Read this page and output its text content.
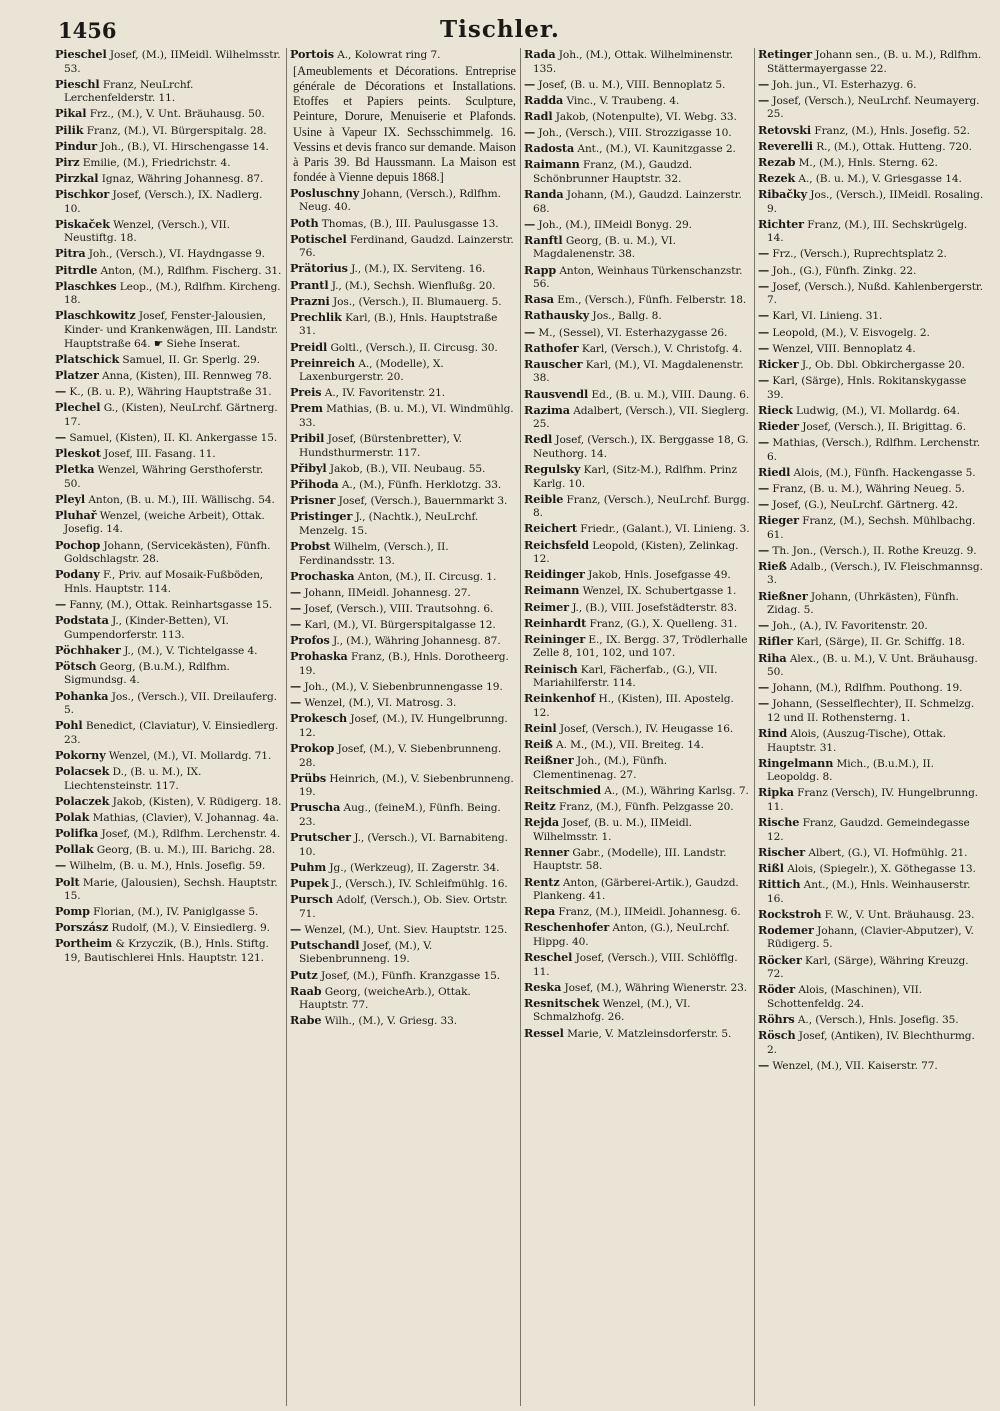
1456	Tischler.
Pieschel Josef, (M.), IIMeidl. Wilhelmsstr. 53.
Pieschl Franz, NeuLrchf. Lerchenfelderstr. 11.
Pikal Frz., (M.), V. Unt. Bräuhausg. 50.
Pilik Franz, (M.), VI. Bürgerspitalg. 28.
Pindur Joh., (B.), VI. Hirschengasse 14.
Pirz Emilie, (M.), Friedrichstr. 4.
Pirzkal Ignaz, Währing Johannesg. 87.
Pischkor Josef, (Versch.), IX. Nadlerg. 10.
Piskaček Wenzel, (Versch.), VII. Neustiftg. 18.
Pitra Joh., (Versch.), VI. Haydngasse 9.
Pitrdle Anton, (M.), Rdlfhm. Fischerg. 31.
Plaschkes Leop., (M.), Rdlfhm. Kircheng. 18.
Plaschkowitz Josef, Fenster-Jalousien, Kinder- und Krankenwägen, III. Landstr. Hauptstraße 64. ☛ Siehe Inserat.
Platschick Samuel, II. Gr. Sperlg. 29.
Platzer Anna, (Kisten), III. Rennweg 78.
— K., (B. u. P.), Währing Hauptstraße 31.
Plechel G., (Kisten), NeuLrchf. Gärtnerg. 17.
— Samuel, (Kisten), II. Kl. Ankergasse 15.
Pleskot Josef, III. Fasang. 11.
Pletka Wenzel, Währing Gersthoferstr. 50.
Pleyl Anton, (B. u. M.), III. Wällischg. 54.
Pluhař Wenzel, (weiche Arbeit), Ottak. Josefig. 14.
Pochop Johann, (Servicekästen), Fünfh. Goldschlagstr. 28.
Podany F., Priv. auf Mosaik-Fußböden, Hnls. Hauptstr. 114.
— Fanny, (M.), Ottak. Reinhartsgasse 15.
Podstata J., (Kinder-Betten), VI. Gumpendorferstr. 113.
Pöchhaker J., (M.), V. Tichtelgasse 4.
Pötsch Georg, (B.u.M.), Rdlfhm. Sigmundsg. 4.
Pohanka Jos., (Versch.), VII. Dreilauferg. 5.
Pohl Benedict, (Claviatur), V. Einsiedlerg. 23.
Pokorny Wenzel, (M.), VI. Mollardg. 71.
Polacsek D., (B. u. M.), IX. Liechtensteinstr. 117.
Polaczek Jakob, (Kisten), V. Rüdigerg. 18.
Polak Mathias, (Clavier), V. Johannag. 4a.
Polifka Josef, (M.), Rdlfhm. Lerchenstr. 4.
Pollak Georg, (B. u. M.), III. Barichg. 28.
— Wilhelm, (B. u. M.), Hnls. Josefig. 59.
Polt Marie, (Jalousien), Sechsh. Hauptstr. 15.
Pomp Florian, (M.), IV. Paniglgasse 5.
Porszász Rudolf, (M.), V. Einsiedlerg. 9.
Portheim & Krzyczik, (B.), Hnls. Stiftg. 19, Bautischlerei Hnls. Hauptstr. 121.
Portois A., Kolowrat ring 7.
[Ameublements et Décorations. Entreprise générale de Décorations et Installations. Etoffes et Papiers peints. Sculpture, Peinture, Dorure, Menuiserie et Plafonds. Usine à Vapeur IX. Sechsschimmelg. 16. Vessins et devis franco sur demande. Maison à Paris 39. Bd Haussmann. La Maison est fondée à Vienne depuis 1868.]
Posluschny Johann, (Versch.), Rdlfhm. Neug. 40.
Poth Thomas, (B.), III. Paulusgasse 13.
Potischel Ferdinand, Gaudzd. Lainzerstr. 76.
Prätorius J., (M.), IX. Serviteng. 16.
Prantl J., (M.), Sechsh. Wienflußg. 20.
Prazni Jos., (Versch.), II. Blumauerg. 5.
Prechlik Karl, (B.), Hnls. Hauptstraße 31.
Preidl Goltl., (Versch.), II. Circusg. 30.
Preinreich A., (Modelle), X. Laxenburgerstr. 20.
Preis A., IV. Favoritenstr. 21.
Prem Mathias, (B. u. M.), VI. Windmühlg. 33.
Pribil Josef, (Bürstenbretter), V. Hundsthurmerstr. 117.
Přibyl Jakob, (B.), VII. Neubaug. 55.
Přihoda A., (M.), Fünfh. Herklotzg. 33.
Prisner Josef, (Versch.), Bauernmarkt 3.
Pristinger J., (Nachtk.), NeuLrchf. Menzelg. 15.
Probst Wilhelm, (Versch.), II. Ferdinandsstr. 13.
Prochaska Anton, (M.), II. Circusg. 1.
— Johann, IIMeidl. Johannesg. 27.
— Josef, (Versch.), VIII. Trautsohng. 6.
— Karl, (M.), VI. Bürgerspitalgasse 12.
Profos J., (M.), Währing Johannesg. 87.
Prohaska Franz, (B.), Hnls. Dorotheerg. 19.
— Joh., (M.), V. Siebenbrunnengasse 19.
— Wenzel, (M.), VI. Matrosg. 3.
Prokesch Josef, (M.), IV. Hungelbrunng. 12.
Prokop Josef, (M.), V. Siebenbrunneng. 28.
Prübs Heinrich, (M.), V. Siebenbrunneng. 19.
Pruscha Aug., (feineM.), Fünfh. Being. 23.
Prutscher J., (Versch.), VI. Barnabiteng. 10.
Puhm Jg., (Werkzeug), II. Zagerstr. 34.
Pupek J., (Versch.), IV. Schleifmühlg. 16.
Pursch Adolf, (Versch.), Ob. Siev. Ortstr. 71.
— Wenzel, (M.), Unt. Siev. Hauptstr. 125.
Putschandl Josef, (M.), V. Siebenbrunneng. 19.
Putz Josef, (M.), Fünfh. Kranzgasse 15.
Raab Georg, (weicheArb.), Ottak. Hauptstr. 77.
Rabe Wilh., (M.), V. Griesg. 33.
Rada Joh., (M.), Ottak. Wilhelminenstr. 135.
— Josef, (B. u. M.), VIII. Bennoplatz 5.
Radda Vinc., V. Traubeng. 4.
Radl Jakob, (Notenpulte), VI. Webg. 33.
— Joh., (Versch.), VIII. Strozzigasse 10.
Radosta Ant., (M.), VI. Kaunitzgasse 2.
Raimann Franz, (M.), Gaudzd. Schönbrunner Hauptstr. 32.
Randa Johann, (M.), Gaudzd. Lainzerstr. 68.
— Joh., (M.), IIMeidl Bonyg. 29.
Ranftl Georg, (B. u. M.), VI. Magdalenenstr. 38.
Rapp Anton, Weinhaus Türkenschanzstr. 56.
Rasa Em., (Versch.), Fünfh. Felberstr. 18.
Rathausky Jos., Ballg. 8.
— M., (Sessel), VI. Esterhazygasse 26.
Rathofer Karl, (Versch.), V. Christofg. 4.
Rauscher Karl, (M.), VI. Magdalenenstr. 38.
Rausvendl Ed., (B. u. M.), VIII. Daung. 6.
Razima Adalbert, (Versch.), VII. Sieglerg. 25.
Redl Josef, (Versch.), IX. Berggasse 18, G. Neuthorg. 14.
Regulsky Karl, (Sitz-M.), Rdlfhm. Prinz Karlg. 10.
Reible Franz, (Versch.), NeuLrchf. Burgg. 8.
Reichert Friedr., (Galant.), VI. Linieng. 3.
Reichsfeld Leopold, (Kisten), Zelinkag. 12.
Reidinger Jakob, Hnls. Josefgasse 49.
Reimann Wenzel, IX. Schubertgasse 1.
Reimer J., (B.), VIII. Josefstädterstr. 83.
Reinhardt Franz, (G.), X. Quelleng. 31.
Reininger E., IX. Bergg. 37, Trödlerhalle Zelle 8, 101, 102, und 107.
Reinisch Karl, Fächerfab., (G.), VII. Mariahilferstr. 114.
Reinkenhof H., (Kisten), III. Apostelg. 12.
Reinl Josef, (Versch.), IV. Heugasse 16.
Reiß A. M., (M.), VII. Breiteg. 14.
Reißner Joh., (M.), Fünfh. Clementinenag. 27.
Reitschmied A., (M.), Währing Karlsg. 7.
Reitz Franz, (M.), Fünfh. Pelzgasse 20.
Rejda Josef, (B. u. M.), IIMeidl. Wilhelmsstr. 1.
Renner Gabr., (Modelle), III. Landstr. Hauptstr. 58.
Rentz Anton, (Gärberei-Artik.), Gaudzd. Plankeng. 41.
Repa Franz, (M.), IIMeidl. Johannesg. 6.
Reschenhofer Anton, (G.), NeuLrchf. Hippg. 40.
Reschel Josef, (Versch.), VIII. Schlöfflg. 11.
Reska Josef, (M.), Währing Wienerstr. 23.
Resnitschek Wenzel, (M.), VI. Schmalzhofg. 26.
Ressel Marie, V. Matzleinsdorferstr. 5.
Retinger Johann sen., (B. u. M.), Rdlfhm. Stättermayergasse 22.
— Joh. jun., VI. Esterhazyg. 6.
— Josef, (Versch.), NeuLrchf. Neumayerg. 25.
Retovski Franz, (M.), Hnls. Josefig. 52.
Reverelli R., (M.), Ottak. Hutteng. 720.
Rezab M., (M.), Hnls. Sterng. 62.
Rezek A., (B. u. M.), V. Griesgasse 14.
Ribačky Jos., (Versch.), IIMeidl. Rosaling. 9.
Richter Franz, (M.), III. Sechskrügelg. 14.
— Frz., (Versch.), Ruprechtsplatz 2.
— Joh., (G.), Fünfh. Zinkg. 22.
— Josef, (Versch.), Nußd. Kahlenbergerstr. 7.
— Karl, VI. Linieng. 31.
— Leopold, (M.), V. Eisvogelg. 2.
— Wenzel, VIII. Bennoplatz 4.
Ricker J., Ob. Dbl. Obkirchergasse 20.
— Karl, (Särge), Hnls. Rokitanskygasse 39.
Rieck Ludwig, (M.), VI. Mollardg. 64.
Rieder Josef, (Versch.), II. Brigittag. 6.
— Mathias, (Versch.), Rdlfhm. Lerchenstr. 6.
Riedl Alois, (M.), Fünfh. Hackengasse 5.
— Franz, (B. u. M.), Währing Neueg. 5.
— Josef, (G.), NeuLrchf. Gärtnerg. 42.
Rieger Franz, (M.), Sechsh. Mühlbachg. 61.
— Th. Jon., (Versch.), II. Rothe Kreuzg. 9.
Rieß Adalb., (Versch.), IV. Fleischmannsg. 3.
Rießner Johann, (Uhrkästen), Fünfh. Zidag. 5.
— Joh., (A.), IV. Favoritenstr. 20.
Rifler Karl, (Särge), II. Gr. Schiffg. 18.
Riha Alex., (B. u. M.), V. Unt. Bräuhausg. 50.
— Johann, (M.), Rdlfhm. Pouthong. 19.
— Johann, (Sesselflechter), II. Schmelzg. 12 und II. Rothensterng. 1.
Rind Alois, (Auszug-Tische), Ottak. Hauptstr. 31.
Ringelmann Mich., (B.u.M.), II. Leopoldg. 8.
Ripka Franz (Versch), IV. Hungelbrunng. 11.
Rische Franz, Gaudzd. Gemeindegasse 12.
Rischer Albert, (G.), VI. Hofmühlg. 21.
Rißl Alois, (Spiegelr.), X. Göthegasse 13.
Rittich Ant., (M.), Hnls. Weinhauserstr. 16.
Rockstroh F. W., V. Unt. Bräuhausg. 23.
Rodemer Johann, (Clavier-Abputzer), V. Rüdigerg. 5.
Röcker Karl, (Särge), Währing Kreuzg. 72.
Röder Alois, (Maschinen), VII. Schottenfeldg. 24.
Röhrs A., (Versch.), Hnls. Josefig. 35.
Rösch Josef, (Antiken), IV. Blechthurmg. 2.
— Wenzel, (M.), VII. Kaiserstr. 77.
